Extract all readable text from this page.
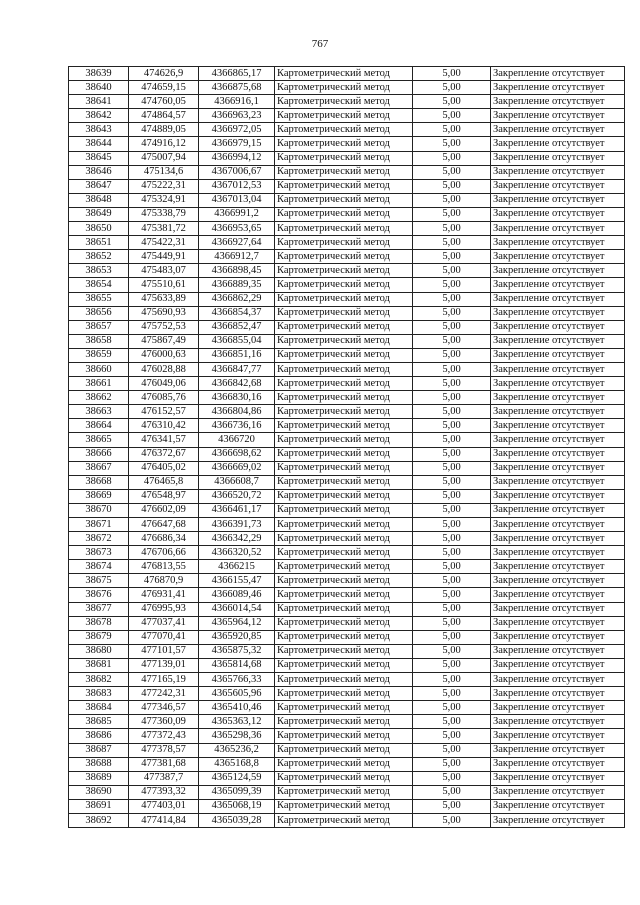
767
38639	474626,9	4366865,17	Картометрический метод	5,00	Закрепление отсутствует
38640	474659,15	4366875,68	Картометрический метод	5,00	Закрепление отсутствует
38641	474760,05	4366916,1	Картометрический метод	5,00	Закрепление отсутствует
38642	474864,57	4366963,23	Картометрический метод	5,00	Закрепление отсутствует
38643	474889,05	4366972,05	Картометрический метод	5,00	Закрепление отсутствует
38644	474916,12	4366979,15	Картометрический метод	5,00	Закрепление отсутствует
38645	475007,94	4366994,12	Картометрический метод	5,00	Закрепление отсутствует
38646	475134,6	4367006,67	Картометрический метод	5,00	Закрепление отсутствует
38647	475222,31	4367012,53	Картометрический метод	5,00	Закрепление отсутствует
38648	475324,91	4367013,04	Картометрический метод	5,00	Закрепление отсутствует
38649	475338,79	4366991,2	Картометрический метод	5,00	Закрепление отсутствует
38650	475381,72	4366953,65	Картометрический метод	5,00	Закрепление отсутствует
38651	475422,31	4366927,64	Картометрический метод	5,00	Закрепление отсутствует
38652	475449,91	4366912,7	Картометрический метод	5,00	Закрепление отсутствует
38653	475483,07	4366898,45	Картометрический метод	5,00	Закрепление отсутствует
38654	475510,61	4366889,35	Картометрический метод	5,00	Закрепление отсутствует
38655	475633,89	4366862,29	Картометрический метод	5,00	Закрепление отсутствует
38656	475690,93	4366854,37	Картометрический метод	5,00	Закрепление отсутствует
38657	475752,53	4366852,47	Картометрический метод	5,00	Закрепление отсутствует
38658	475867,49	4366855,04	Картометрический метод	5,00	Закрепление отсутствует
38659	476000,63	4366851,16	Картометрический метод	5,00	Закрепление отсутствует
38660	476028,88	4366847,77	Картометрический метод	5,00	Закрепление отсутствует
38661	476049,06	4366842,68	Картометрический метод	5,00	Закрепление отсутствует
38662	476085,76	4366830,16	Картометрический метод	5,00	Закрепление отсутствует
38663	476152,57	4366804,86	Картометрический метод	5,00	Закрепление отсутствует
38664	476310,42	4366736,16	Картометрический метод	5,00	Закрепление отсутствует
38665	476341,57	4366720	Картометрический метод	5,00	Закрепление отсутствует
38666	476372,67	4366698,62	Картометрический метод	5,00	Закрепление отсутствует
38667	476405,02	4366669,02	Картометрический метод	5,00	Закрепление отсутствует
38668	476465,8	4366608,7	Картометрический метод	5,00	Закрепление отсутствует
38669	476548,97	4366520,72	Картометрический метод	5,00	Закрепление отсутствует
38670	476602,09	4366461,17	Картометрический метод	5,00	Закрепление отсутствует
38671	476647,68	4366391,73	Картометрический метод	5,00	Закрепление отсутствует
38672	476686,34	4366342,29	Картометрический метод	5,00	Закрепление отсутствует
38673	476706,66	4366320,52	Картометрический метод	5,00	Закрепление отсутствует
38674	476813,55	4366215	Картометрический метод	5,00	Закрепление отсутствует
38675	476870,9	4366155,47	Картометрический метод	5,00	Закрепление отсутствует
38676	476931,41	4366089,46	Картометрический метод	5,00	Закрепление отсутствует
38677	476995,93	4366014,54	Картометрический метод	5,00	Закрепление отсутствует
38678	477037,41	4365964,12	Картометрический метод	5,00	Закрепление отсутствует
38679	477070,41	4365920,85	Картометрический метод	5,00	Закрепление отсутствует
38680	477101,57	4365875,32	Картометрический метод	5,00	Закрепление отсутствует
38681	477139,01	4365814,68	Картометрический метод	5,00	Закрепление отсутствует
38682	477165,19	4365766,33	Картометрический метод	5,00	Закрепление отсутствует
38683	477242,31	4365605,96	Картометрический метод	5,00	Закрепление отсутствует
38684	477346,57	4365410,46	Картометрический метод	5,00	Закрепление отсутствует
38685	477360,09	4365363,12	Картометрический метод	5,00	Закрепление отсутствует
38686	477372,43	4365298,36	Картометрический метод	5,00	Закрепление отсутствует
38687	477378,57	4365236,2	Картометрический метод	5,00	Закрепление отсутствует
38688	477381,68	4365168,8	Картометрический метод	5,00	Закрепление отсутствует
38689	477387,7	4365124,59	Картометрический метод	5,00	Закрепление отсутствует
38690	477393,32	4365099,39	Картометрический метод	5,00	Закрепление отсутствует
38691	477403,01	4365068,19	Картометрический метод	5,00	Закрепление отсутствует
38692	477414,84	4365039,28	Картометрический метод	5,00	Закрепление отсутствует
